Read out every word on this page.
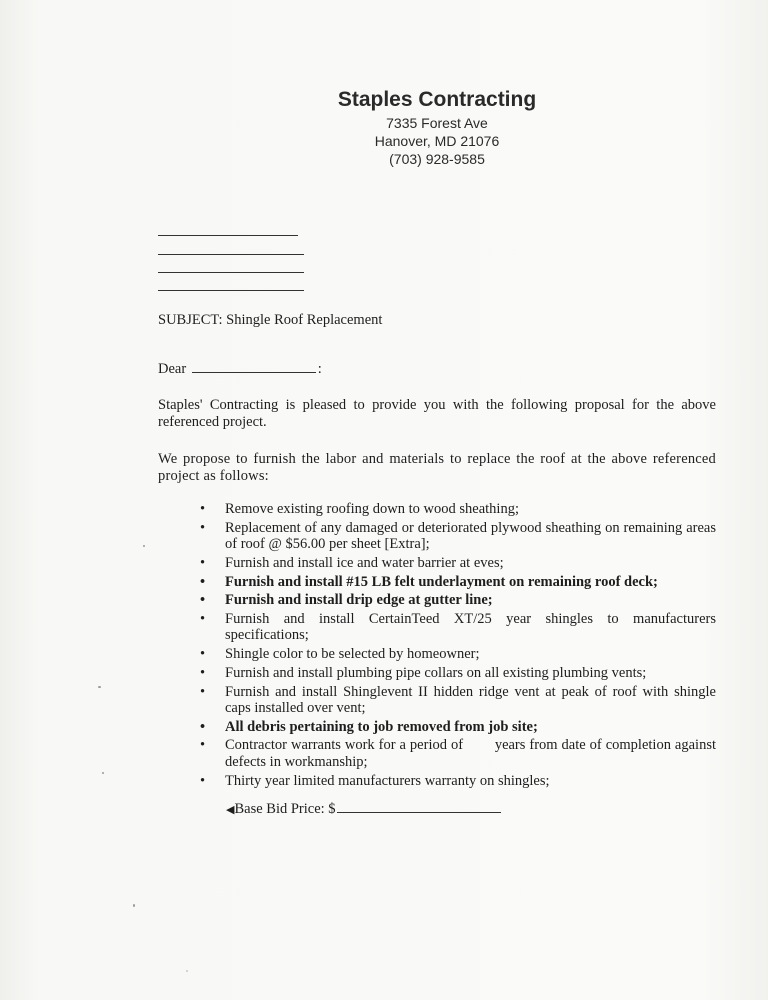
Staples Contracting
7335 Forest Ave
Hanover, MD 21076
(703) 928-9585
SUBJECT: Shingle Roof Replacement
Dear	:
Staples' Contracting is pleased to provide you with the following proposal for the above referenced project.
We propose to furnish the labor and materials to replace the roof at the above referenced project as follows:
•	Remove existing roofing down to wood sheathing;
•	Replacement of any damaged or deteriorated plywood sheathing on remaining areas of roof @ $56.00 per sheet [Extra];
•	Furnish and install ice and water barrier at eves;
•	Furnish and install #15 LB felt underlayment on remaining roof deck;
•	Furnish and install drip edge at gutter line;
•	Furnish and install CertainTeed XT/25 year shingles to manufacturers specifications;
•	Shingle color to be selected by homeowner;
•	Furnish and install plumbing pipe collars on all existing plumbing vents;
•	Furnish and install Shinglevent II hidden ridge vent at peak of roof with shingle caps installed over vent;
•	All debris pertaining to job removed from job site;
•	Contractor warrants work for a period of        years from date of completion against defects in workmanship;
•	Thirty year limited manufacturers warranty on shingles;
◀Base Bid Price: $
